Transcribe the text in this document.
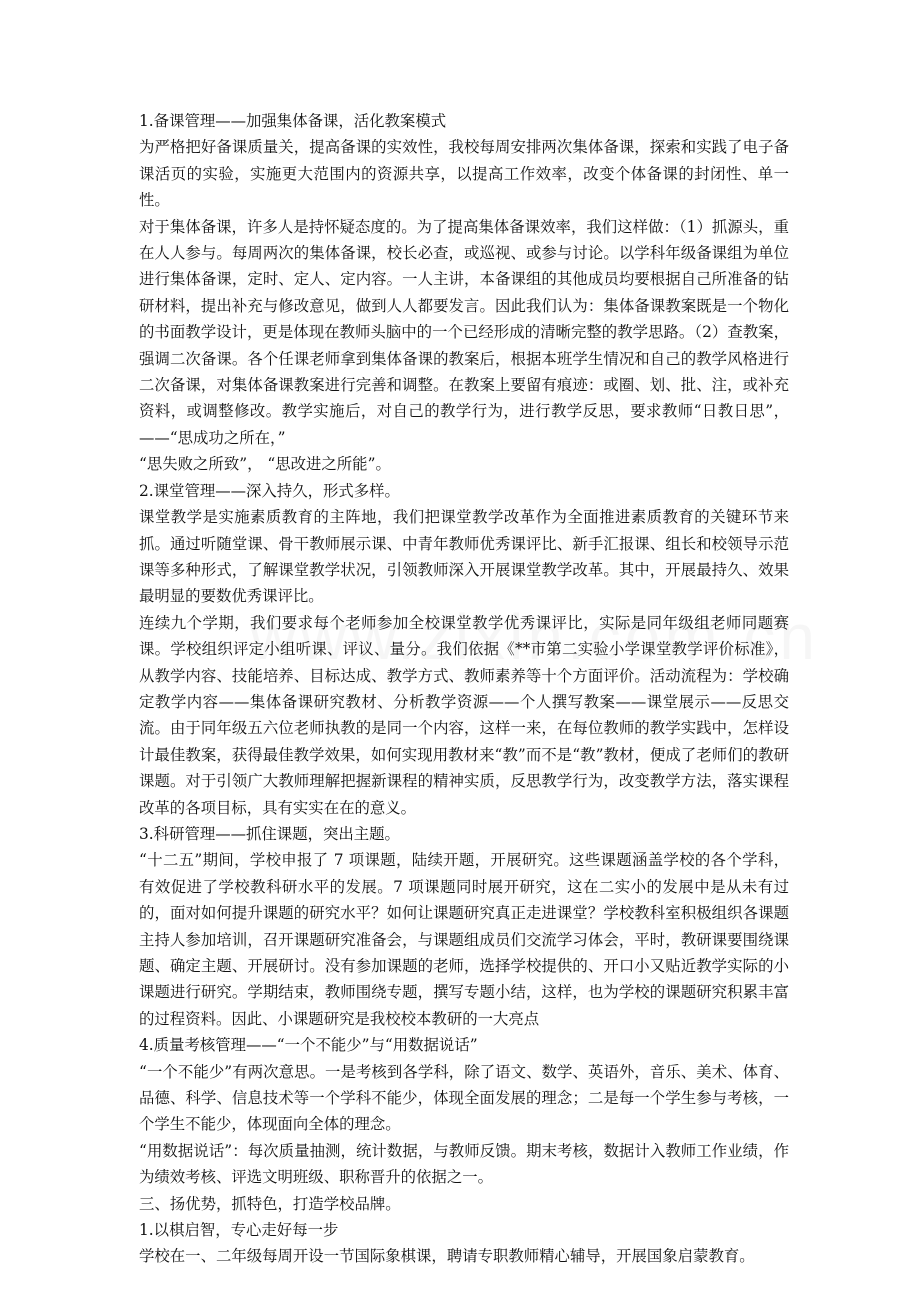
1.备课管理——加强集体备课，活化教案模式

为严格把好备课质量关，提高备课的实效性，我校每周安排两次集体备课，探索和实践了电子备课活页的实验，实施更大范围内的资源共享，以提高工作效率，改变个体备课的封闭性、单一性。

对于集体备课，许多人是持怀疑态度的。为了提高集体备课效率，我们这样做：（1）抓源头，重在人人参与。每周两次的集体备课，校长必查，或巡视、或参与讨论。以学科年级备课组为单位进行集体备课，定时、定人、定内容。一人主讲，本备课组的其他成员均要根据自己所准备的钻研材料，提出补充与修改意见，做到人人都要发言。因此我们认为：集体备课教案既是一个物化的书面教学设计，更是体现在教师头脑中的一个已经形成的清晰完整的教学思路。（2）查教案，强调二次备课。各个任课老师拿到集体备课的教案后，根据本班学生情况和自己的教学风格进行二次备课，对集体备课教案进行完善和调整。在教案上要留有痕迹：或圈、划、批、注，或补充资料，或调整修改。教学实施后，对自己的教学行为，进行教学反思，要求教师“日教日思”，——“思成功之所在，”

“思失败之所致”， “思改进之所能”。

2.课堂管理——深入持久，形式多样。

课堂教学是实施素质教育的主阵地，我们把课堂教学改革作为全面推进素质教育的关键环节来抓。通过听随堂课、骨干教师展示课、中青年教师优秀课评比、新手汇报课、组长和校领导示范课等多种形式，了解课堂教学状况，引领教师深入开展课堂教学改革。其中，开展最持久、效果最明显的要数优秀课评比。

连续九个学期，我们要求每个老师参加全校课堂教学优秀课评比，实际是同年级组老师同题赛课。学校组织评定小组听课、评议、量分。我们依据《**市第二实验小学课堂教学评价标准》，从教学内容、技能培养、目标达成、教学方式、教师素养等十个方面评价。活动流程为：学校确定教学内容——集体备课研究教材、分析教学资源——个人撰写教案——课堂展示——反思交流。由于同年级五六位老师执教的是同一个内容，这样一来，在每位教师的教学实践中，怎样设计最佳教案，获得最佳教学效果，如何实现用教材来“教”而不是“教”教材，便成了老师们的教研课题。对于引领广大教师理解把握新课程的精神实质，反思教学行为，改变教学方法，落实课程改革的各项目标，具有实实在在的意义。

3.科研管理——抓住课题，突出主题。

“十二五”期间，学校申报了 7 项课题，陆续开题，开展研究。这些课题涵盖学校的各个学科，有效促进了学校教科研水平的发展。7 项课题同时展开研究，这在二实小的发展中是从未有过的，面对如何提升课题的研究水平？如何让课题研究真正走进课堂？学校教科室积极组织各课题主持人参加培训，召开课题研究准备会，与课题组成员们交流学习体会，平时，教研课要围绕课题、确定主题、开展研讨。没有参加课题的老师，选择学校提供的、开口小又贴近教学实际的小课题进行研究。学期结束，教师围绕专题，撰写专题小结，这样，也为学校的课题研究积累丰富的过程资料。因此、小课题研究是我校校本教研的一大亮点

4.质量考核管理——“一个不能少”与“用数据说话”

“一个不能少”有两次意思。一是考核到各学科，除了语文、数学、英语外，音乐、美术、体育、品德、科学、信息技术等一个学科不能少，体现全面发展的理念；二是每一个学生参与考核，一个学生不能少，体现面向全体的理念。

“用数据说话”：每次质量抽测，统计数据，与教师反馈。期末考核，数据计入教师工作业绩，作为绩效考核、评选文明班级、职称晋升的依据之一。

三、扬优势，抓特色，打造学校品牌。

1.以棋启智，专心走好每一步

学校在一、二年级每周开设一节国际象棋课，聘请专职教师精心辅导，开展国象启蒙教育。
